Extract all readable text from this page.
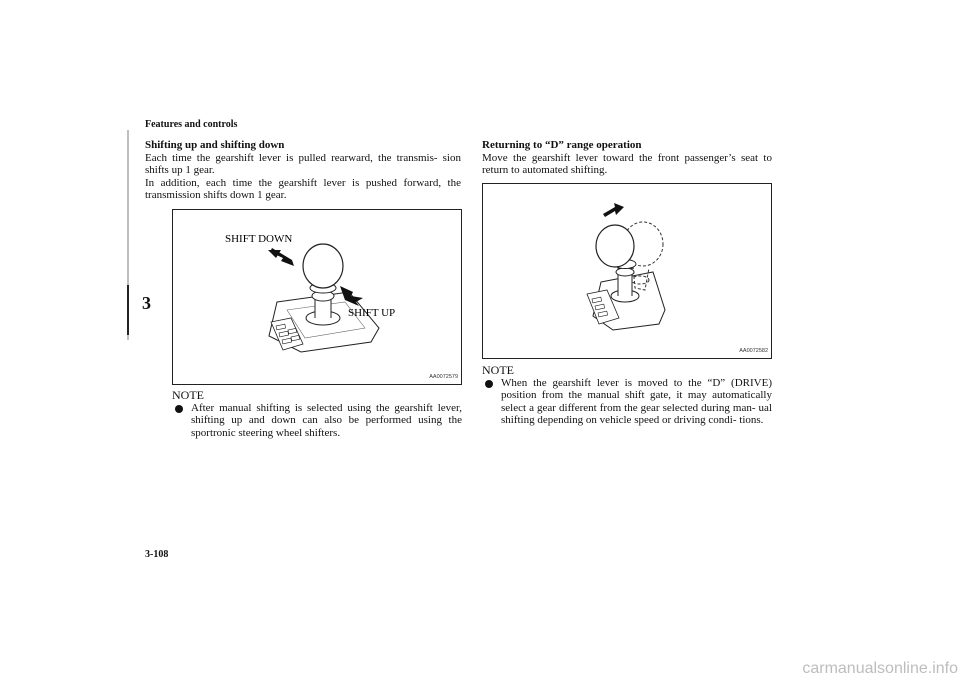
Features and controls
3

Shifting up and shifting down

Each time the gearshift lever is pulled rearward, the transmis- sion shifts up 1 gear.

In addition, each time the gearshift lever is pushed forward, the transmission shifts down 1 gear.

SHIFT DOWN
SHIFT UP
AA0072579
NOTE
After manual shifting is selected using the gearshift lever, shifting up and down can also be performed using the sportronic steering wheel shifters.

Returning to “D” range operation

Move the gearshift lever toward the front passenger’s seat to return to automated shifting.

AA0072582
NOTE
When the gearshift lever is moved to the “D” (DRIVE) position from the manual shift gate, it may automatically select a gear different from the gear selected during man- ual shifting depending on vehicle speed or driving condi- tions.
3-108
carmanualsonline.info
